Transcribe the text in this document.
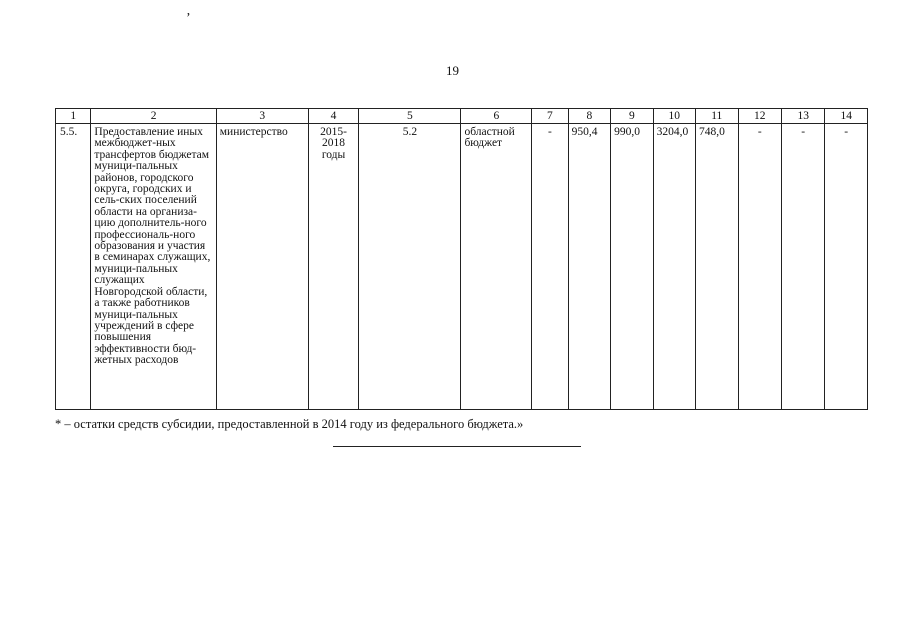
ʼ
19
1	2	3	4	5	6	7	8	9	10	11	12	13	14
5.5.	Предоставление иных межбюджет-ных трансфертов бюджетам муници-пальных районов, городского округа, городских и сель-ских поселений области на организа-цию дополнитель-ного профессиональ-ного образования и участия в семинарах служащих, муници-пальных служащих Новгородской области, а также работников муници-пальных учреждений в сфере повышения эффективности бюд-жетных расходов	министерство	2015-2018 годы	5.2	областной бюджет	-	950,4	990,0	3204,0	748,0	-	-	-
* – остатки средств субсидии, предоставленной в 2014 году из федерального бюджета.»
